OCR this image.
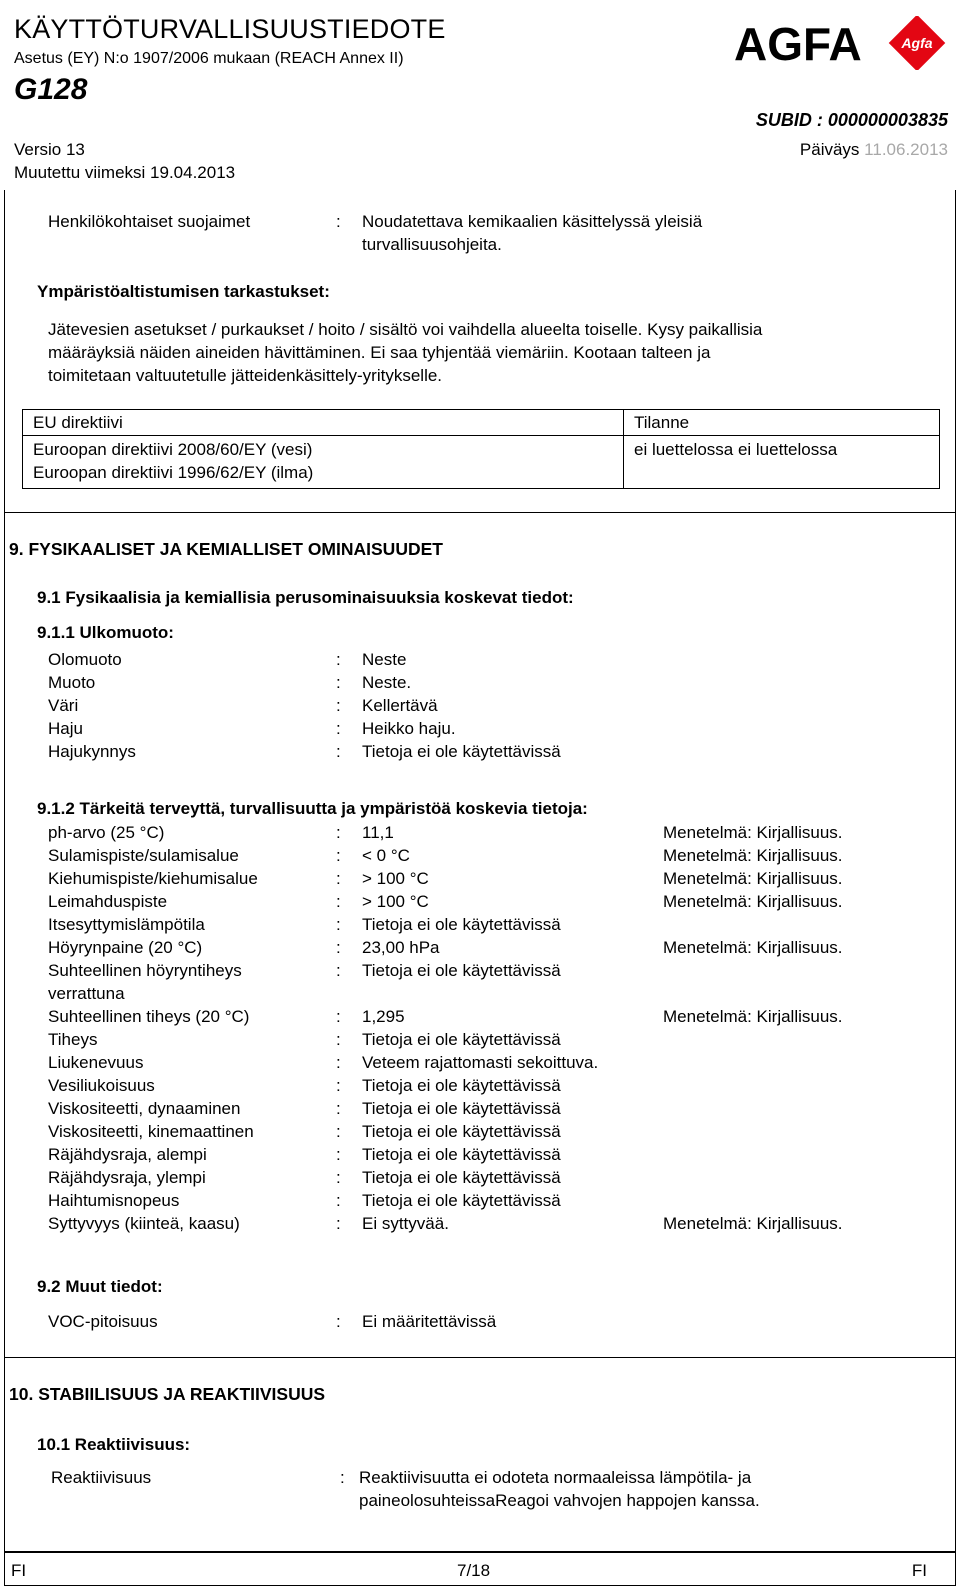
KÄYTTÖTURVALLISUUSTIEDOTE
Asetus (EY) N:o 1907/2006 mukaan (REACH Annex II)
G128
AGFA	Agfa
SUBID : 000000003835
Versio 13
Muutettu viimeksi 19.04.2013
Päiväys 11.06.2013
Henkilökohtaiset suojaimet	: Noudatettava kemikaalien käsittelyssä yleisiä
turvallisuusohjeita.
Ympäristöaltistumisen tarkastukset:
Jätevesien asetukset / purkaukset / hoito / sisältö voi vaihdella alueelta toiselle. Kysy paikallisia
määräyksiä näiden aineiden hävittäminen. Ei saa tyhjentää viemäriin. Kootaan talteen ja
toimitetaan valtuutetulle jätteidenkäsittely-yritykselle.
EU direktiivi	Tilanne

Euroopan direktiivi 2008/60/EY (vesi)
Euroopan direktiivi 1996/62/EY (ilma)	ei luettelossa ei luettelossa
9. FYSIKAALISET JA KEMIALLISET OMINAISUUDET
9.1 Fysikaalisia ja kemiallisia perusominaisuuksia koskevat tiedot:
9.1.1 Ulkomuoto:
Olomuoto	: Neste
Muoto	: Neste.
Väri	: Kellertävä
Haju	: Heikko haju.
Hajukynnys	: Tietoja ei ole käytettävissä
9.1.2 Tärkeitä terveyttä, turvallisuutta ja ympäristöä koskevia tietoja:
ph-arvo (25 °C)	: 11,1	Menetelmä: Kirjallisuus.
Sulamispiste/sulamisalue	: < 0 °C	Menetelmä: Kirjallisuus.
Kiehumispiste/kiehumisalue	: > 100 °C	Menetelmä: Kirjallisuus.
Leimahduspiste	: > 100 °C	Menetelmä: Kirjallisuus.
Itsesyttymislämpötila	: Tietoja ei ole käytettävissä
Höyrynpaine (20 °C)	: 23,00 hPa	Menetelmä: Kirjallisuus.
Suhteellinen höyryntiheys	: Tietoja ei ole käytettävissä
verrattuna
Suhteellinen tiheys (20 °C)	: 1,295	Menetelmä: Kirjallisuus.
Tiheys	: Tietoja ei ole käytettävissä
Liukenevuus	: Veteem rajattomasti sekoittuva.
Vesiliukoisuus	: Tietoja ei ole käytettävissä
Viskositeetti, dynaaminen	: Tietoja ei ole käytettävissä
Viskositeetti, kinemaattinen	: Tietoja ei ole käytettävissä
Räjähdysraja, alempi	: Tietoja ei ole käytettävissä
Räjähdysraja, ylempi	: Tietoja ei ole käytettävissä
Haihtumisnopeus	: Tietoja ei ole käytettävissä
Syttyvyys (kiinteä, kaasu)	: Ei syttyvää.	Menetelmä: Kirjallisuus.
9.2 Muut tiedot:
VOC-pitoisuus	: Ei määritettävissä
10. STABIILISUUS JA REAKTIIVISUUS
10.1 Reaktiivisuus:
Reaktiivisuus	: Reaktiivisuutta ei odoteta normaaleissa lämpötila- ja
paineolosuhteissaReagoi vahvojen happojen kanssa.
FI	7/18	FI
